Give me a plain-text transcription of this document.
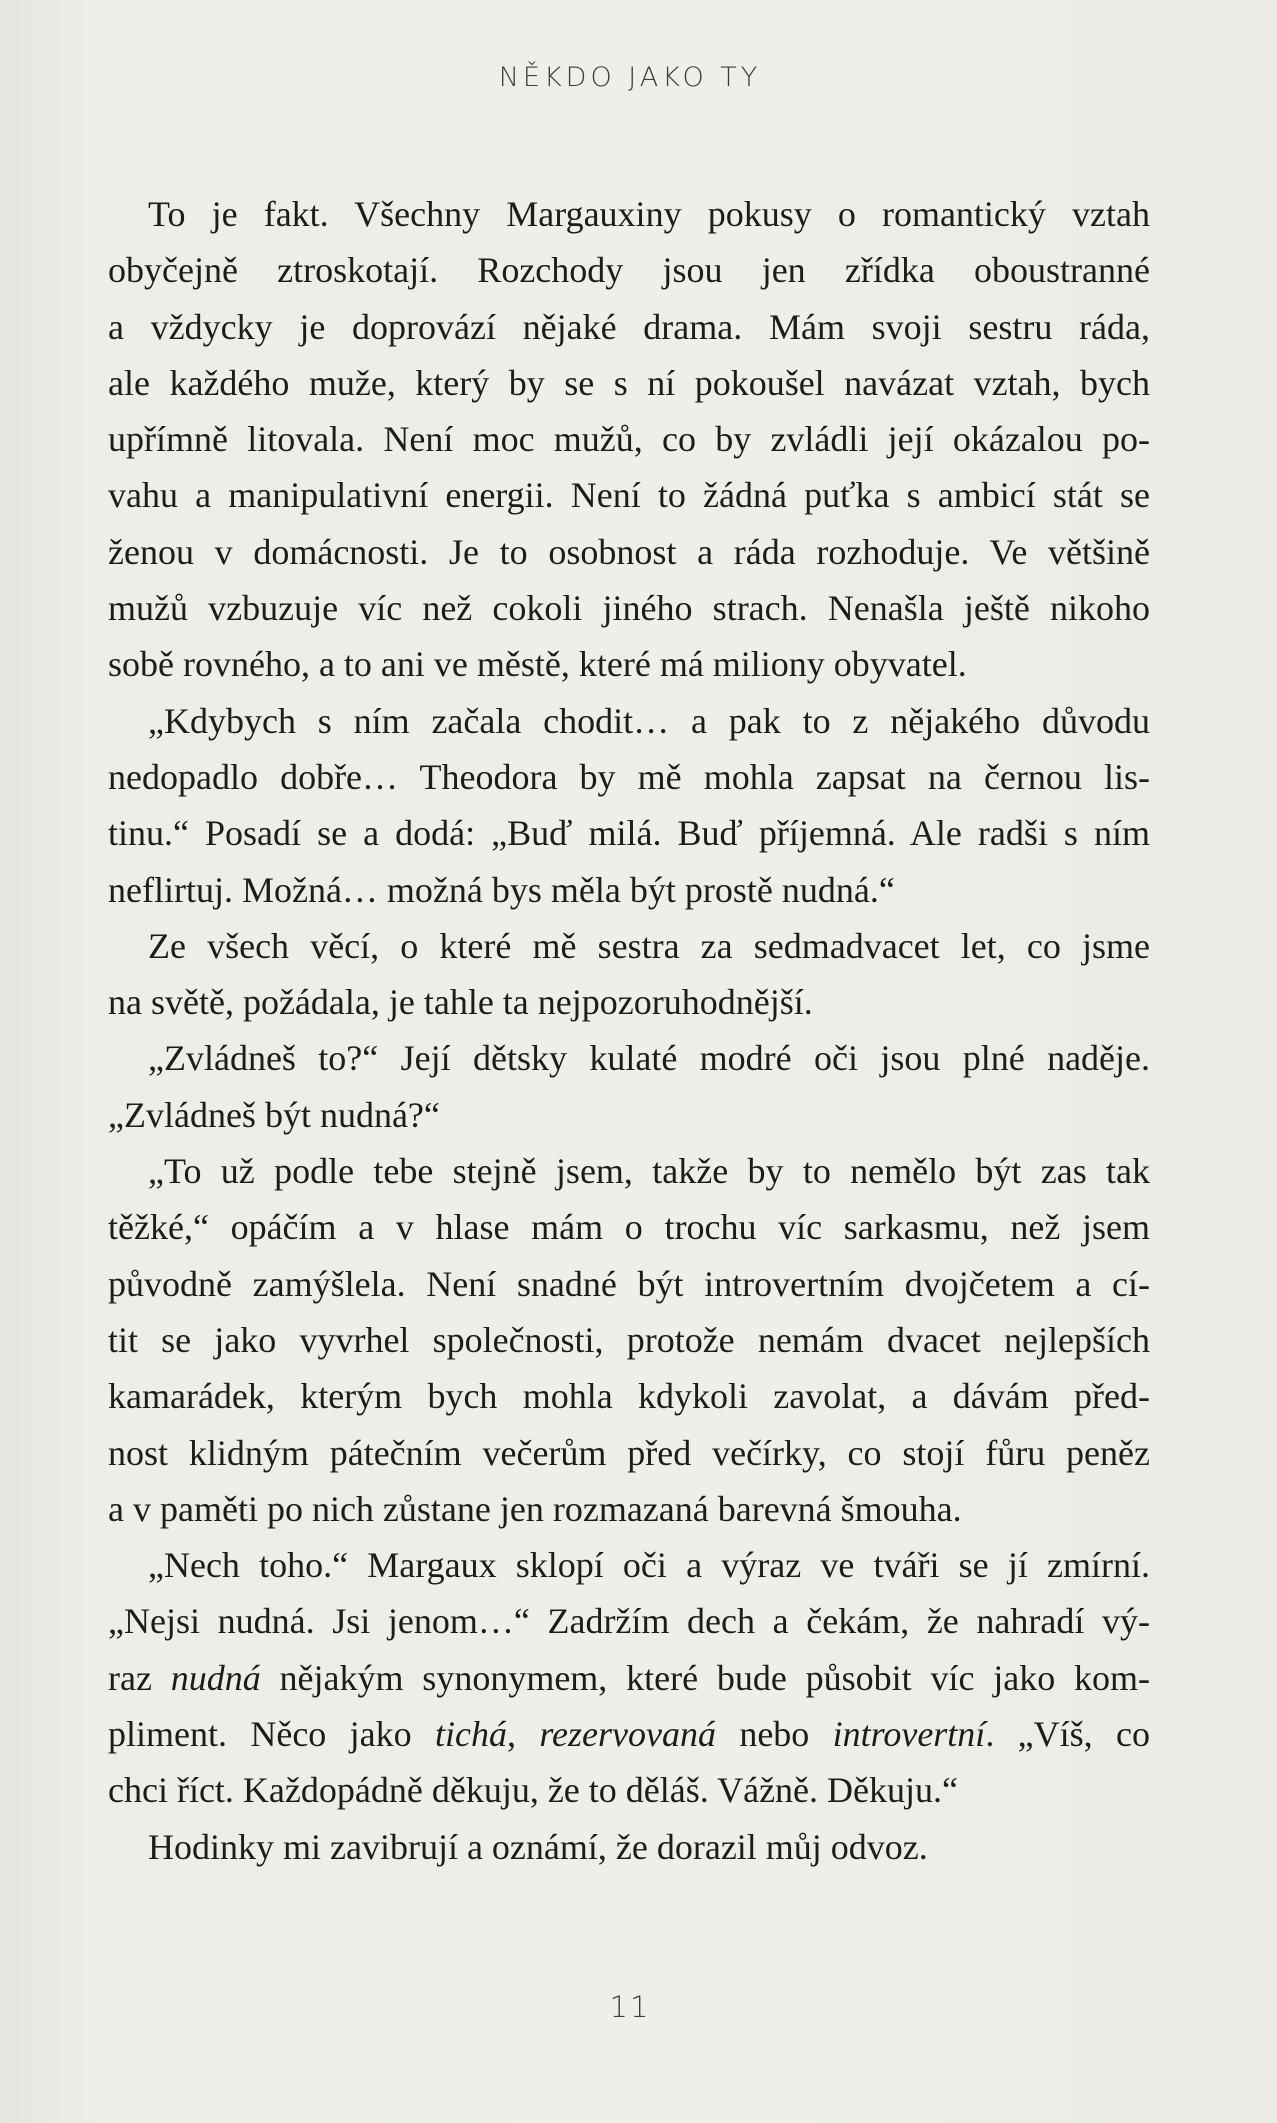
NĚKDO JAKO TY
To je fakt. Všechny Margauxiny pokusy o romantický vztah
obyčejně ztroskotají. Rozchody jsou jen zřídka oboustranné
a vždycky je doprovází nějaké drama. Mám svoji sestru ráda,
ale každého muže, který by se s ní pokoušel navázat vztah, bych
upřímně litovala. Není moc mužů, co by zvládli její okázalou po-
vahu a manipulativní energii. Není to žádná puťka s ambicí stát se
ženou v domácnosti. Je to osobnost a ráda rozhoduje. Ve většině
mužů vzbuzuje víc než cokoli jiného strach. Nenašla ještě nikoho
sobě rovného, a to ani ve městě, které má miliony obyvatel.
„Kdybych s ním začala chodit… a pak to z nějakého důvodu
nedopadlo dobře… Theodora by mě mohla zapsat na černou lis-
tinu.“ Posadí se a dodá: „Buď milá. Buď příjemná. Ale radši s ním
neflirtuj. Možná… možná bys měla být prostě nudná.“
Ze všech věcí, o které mě sestra za sedmadvacet let, co jsme
na světě, požádala, je tahle ta nejpozoruhodnější.
„Zvládneš to?“ Její dětsky kulaté modré oči jsou plné naděje.
„Zvládneš být nudná?“
„To už podle tebe stejně jsem, takže by to nemělo být zas tak
těžké,“ opáčím a v hlase mám o trochu víc sarkasmu, než jsem
původně zamýšlela. Není snadné být introvertním dvojčetem a cí-
tit se jako vyvrhel společnosti, protože nemám dvacet nejlepších
kamarádek, kterým bych mohla kdykoli zavolat, a dávám před-
nost klidným pátečním večerům před večírky, co stojí fůru peněz
a v paměti po nich zůstane jen rozmazaná barevná šmouha.
„Nech toho.“ Margaux sklopí oči a výraz ve tváři se jí zmírní.
„Nejsi nudná. Jsi jenom…“ Zadržím dech a čekám, že nahradí vý-
raz nudná nějakým synonymem, které bude působit víc jako kom-
pliment. Něco jako tichá, rezervovaná nebo introvertní. „Víš, co
chci říct. Každopádně děkuju, že to děláš. Vážně. Děkuju.“
Hodinky mi zavibrují a oznámí, že dorazil můj odvoz.
11
